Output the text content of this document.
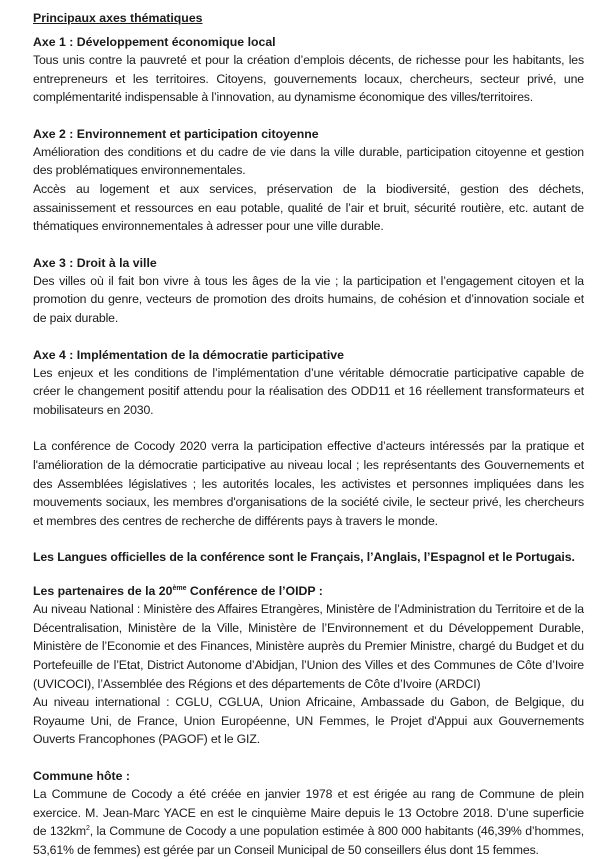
Principaux axes thématiques
Axe 1 : Développement économique local
Tous unis contre la pauvreté et pour la création d’emplois décents, de richesse pour les habitants, les entrepreneurs et les territoires. Citoyens, gouvernements locaux, chercheurs, secteur privé, une complémentarité indispensable à l’innovation, au dynamisme économique des villes/territoires.
Axe 2 : Environnement et participation citoyenne
Amélioration des conditions et du cadre de vie dans la ville durable, participation citoyenne et gestion des problématiques environnementales.
Accès au logement et aux services, préservation de la biodiversité, gestion des déchets, assainissement et ressources en eau potable, qualité de l’air et bruit, sécurité routière, etc. autant de thématiques environnementales à adresser pour une ville durable.
Axe 3 : Droit à la ville
Des villes où il fait bon vivre à tous les âges de la vie ; la participation et l’engagement citoyen et la promotion du genre, vecteurs de promotion des droits humains, de cohésion et d’innovation sociale et de paix durable.
Axe 4 : Implémentation de la démocratie participative
Les enjeux et les conditions de l’implémentation d’une véritable démocratie participative capable de créer le changement positif attendu pour la réalisation des ODD11 et 16 réellement transformateurs et mobilisateurs en 2030.
La conférence de Cocody 2020 verra la participation effective d’acteurs intéressés par la pratique et l'amélioration de la démocratie participative au niveau local ; les représentants des Gouvernements et des Assemblées législatives ; les autorités locales, les activistes et personnes impliquées dans les mouvements sociaux, les membres d'organisations de la société civile, le secteur privé, les chercheurs et membres des centres de recherche de différents pays à travers le monde.
Les Langues officielles de la conférence sont le Français, l’Anglais, l’Espagnol et le Portugais.
Les partenaires de la 20ème Conférence de l’OIDP :
Au niveau National : Ministère des Affaires Etrangères, Ministère de l’Administration du Territoire et de la Décentralisation, Ministère de la Ville, Ministère de l’Environnement et du Développement Durable, Ministère de l’Economie et des Finances, Ministère auprès du Premier Ministre, chargé du Budget et du Portefeuille de l’Etat, District Autonome d’Abidjan, l’Union des Villes et des Communes de Côte d’Ivoire (UVICOCI), l’Assemblée des Régions et des départements de Côte d’Ivoire (ARDCI)
Au niveau international : CGLU, CGLUA, Union Africaine, Ambassade du Gabon, de Belgique, du Royaume Uni, de France, Union Européenne, UN Femmes, le Projet d'Appui aux Gouvernements Ouverts Francophones (PAGOF) et le GIZ.
Commune hôte :
La Commune de Cocody a été créée en janvier 1978 et est érigée au rang de Commune de plein exercice. M. Jean-Marc YACE en est le cinquième Maire depuis le 13 Octobre 2018. D’une superficie de $132km^2$, la Commune de Cocody a une population estimée à 800 000 habitants (46,39% d’hommes, 53,61% de femmes) est gérée par un Conseil Municipal de 50 conseillers élus dont 15 femmes.
